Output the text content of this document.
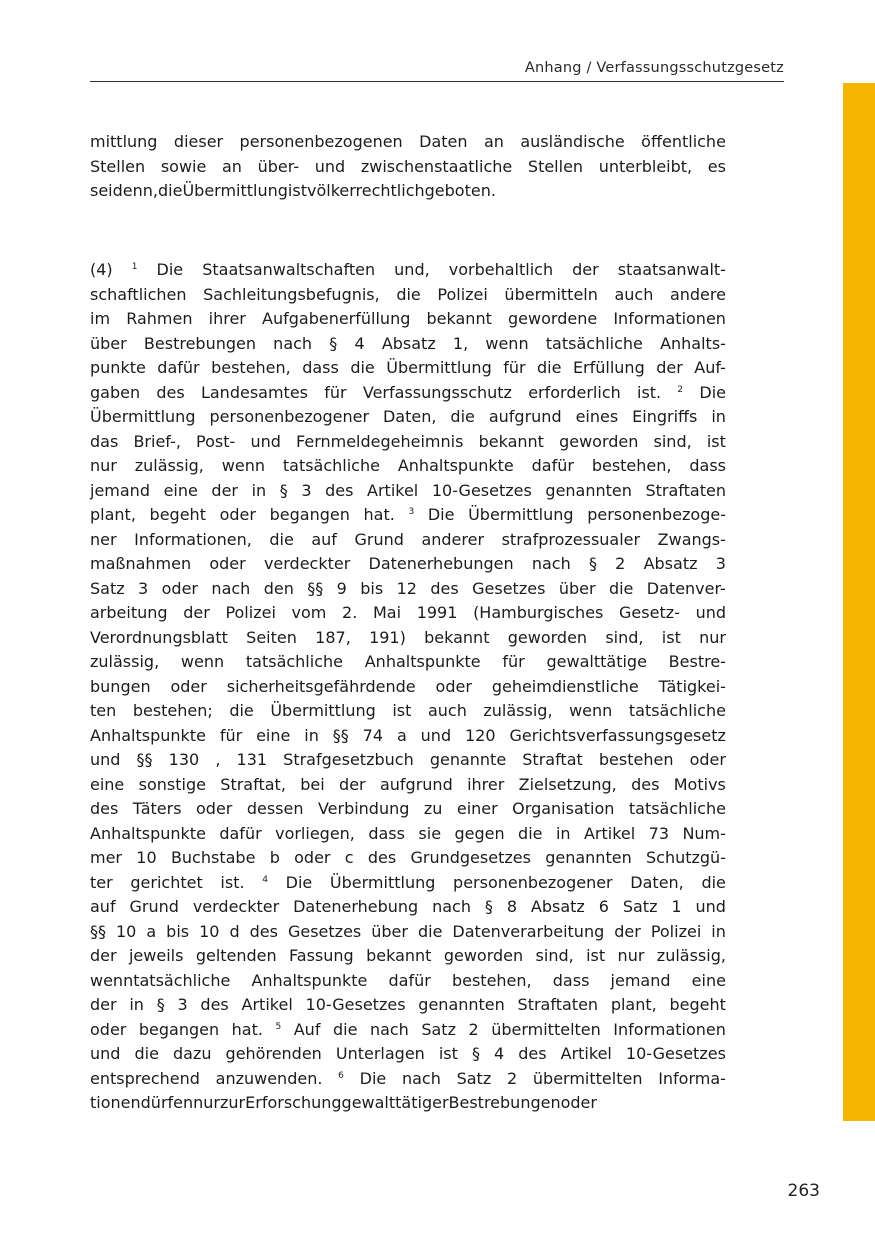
Anhang / Verfassungsschutzgesetz
mittlung dieser personenbezogenen Daten an ausländische öffentliche
Stellen sowie an über- und zwischenstaatliche Stellen unterbleibt, es
sei denn, die Übermittlung ist völkerrechtlich geboten.
(4) $^1$ Die Staatsanwaltschaften und, vorbehaltlich der staatsanwalt-
schaftlichen Sachleitungsbefugnis, die Polizei übermitteln auch andere
im Rahmen ihrer Aufgabenerfüllung bekannt gewordene Informationen
über Bestrebungen nach § 4 Absatz 1, wenn tatsächliche Anhalts-
punkte dafür bestehen, dass die Übermittlung für die Erfüllung der Auf-
gaben des Landesamtes für Verfassungsschutz erforderlich ist. $^2$ Die
Übermittlung personenbezogener Daten, die aufgrund eines Eingriffs in
das Brief-, Post- und Fernmeldegeheimnis bekannt geworden sind, ist
nur zulässig, wenn tatsächliche Anhaltspunkte dafür bestehen, dass
jemand eine der in § 3 des Artikel 10-Gesetzes genannten Straftaten
plant, begeht oder begangen hat. $^3$ Die Übermittlung personenbezoge-
ner Informationen, die auf Grund anderer strafprozessualer Zwangs-
maßnahmen oder verdeckter Datenerhebungen nach § 2 Absatz 3
Satz 3 oder nach den §§ 9 bis 12 des Gesetzes über die Datenver-
arbeitung der Polizei vom 2. Mai 1991 (Hamburgisches Gesetz- und
Verordnungsblatt Seiten 187, 191) bekannt geworden sind, ist nur
zulässig, wenn tatsächliche Anhaltspunkte für gewalttätige Bestre-
bungen oder sicherheitsgefährdende oder geheimdienstliche Tätigkei-
ten bestehen; die Übermittlung ist auch zulässig, wenn tatsächliche
Anhaltspunkte für eine in §§ 74 a und 120 Gerichtsverfassungsgesetz
und §§ 130 , 131 Strafgesetzbuch genannte Straftat bestehen oder
eine sonstige Straftat, bei der aufgrund ihrer Zielsetzung, des Motivs
des Täters oder dessen Verbindung zu einer Organisation tatsächliche
Anhaltspunkte dafür vorliegen, dass sie gegen die in Artikel 73 Num-
mer 10 Buchstabe b oder c des Grundgesetzes genannten Schutzgü-
ter gerichtet ist. $^4$ Die Übermittlung personenbezogener Daten, die
auf Grund verdeckter Datenerhebung nach § 8 Absatz 6 Satz 1 und
§§ 10 a bis 10 d des Gesetzes über die Datenverarbeitung der Polizei in
der jeweils geltenden Fassung bekannt geworden sind, ist nur zulässig,
wenntatsächliche Anhaltspunkte dafür bestehen, dass jemand eine
der in § 3 des Artikel 10-Gesetzes genannten Straftaten plant, begeht
oder begangen hat. $^5$ Auf die nach Satz 2 übermittelten Informationen
und die dazu gehörenden Unterlagen ist § 4 des Artikel 10-Gesetzes
entsprechend anzuwenden. $^6$ Die nach Satz 2 übermittelten Informa-
tionen dürfen nur zur Erforschung gewalttätiger Bestrebungen oder
263
